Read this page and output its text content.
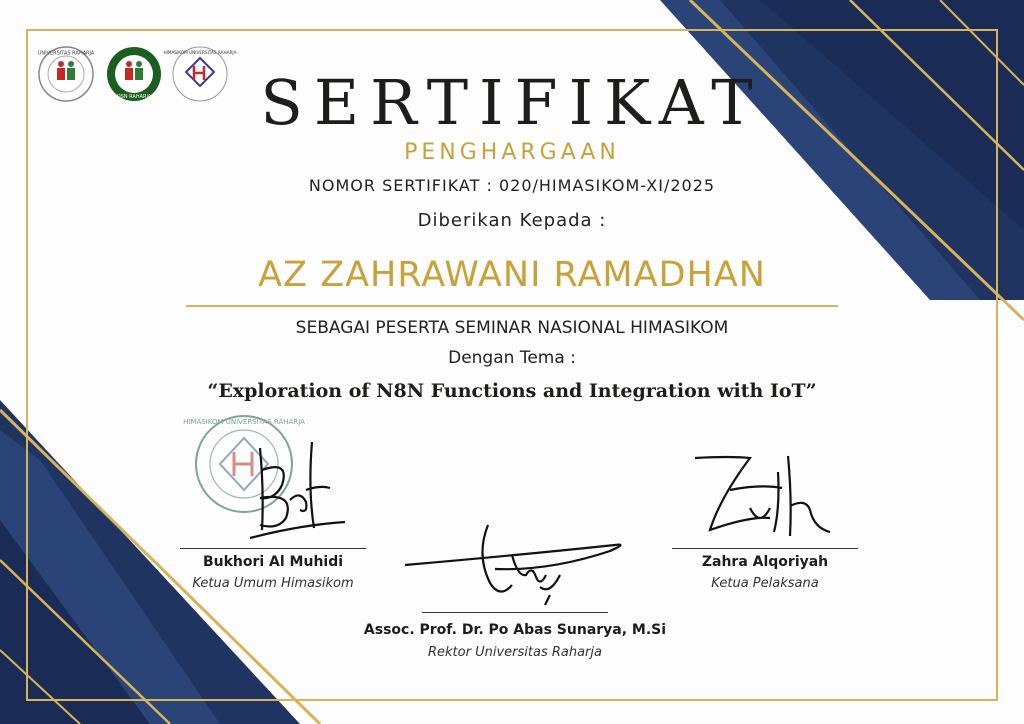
UNIVERSITAS RAHARJA
OSN RAHARJA
HIMASIKOM UNIVERSITAS RAHARJA
SERTIFIKAT
PENGHARGAAN
NOMOR SERTIFIKAT : 020/HIMASIKOM-XI/2025
Diberikan Kepada :
AZ ZAHRAWANI RAMADHAN
SEBAGAI PESERTA SEMINAR NASIONAL HIMASIKOM
Dengan Tema :
“Exploration of N8N Functions and Integration with IoT”
HIMASIKOM UNIVERSITAS RAHARJA
Bukhori Al Muhidi
Ketua Umum Himasikom
Assoc. Prof. Dr. Po Abas Sunarya, M.Si
Rektor Universitas Raharja
Zahra Alqoriyah
Ketua Pelaksana
